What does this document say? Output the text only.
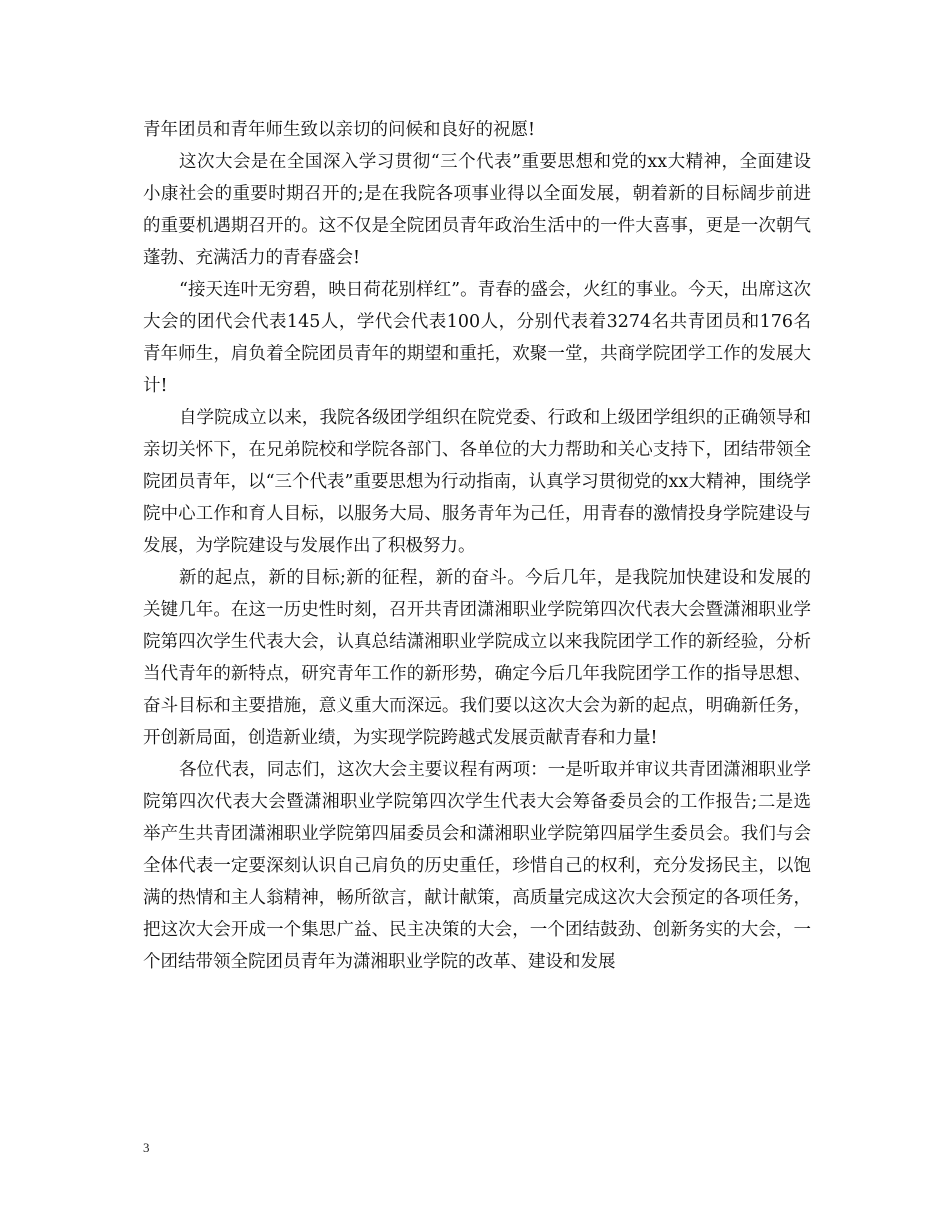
青年团员和青年师生致以亲切的问候和良好的祝愿!

这次大会是在全国深入学习贯彻“三个代表”重要思想和党的xx大精神，全面建设小康社会的重要时期召开的;是在我院各项事业得以全面发展，朝着新的目标阔步前进的重要机遇期召开的。这不仅是全院团员青年政治生活中的一件大喜事，更是一次朝气蓬勃、充满活力的青春盛会!

“接天连叶无穷碧，映日荷花别样红”。青春的盛会，火红的事业。今天，出席这次大会的团代会代表145人，学代会代表100人，分别代表着3274名共青团员和176名青年师生，肩负着全院团员青年的期望和重托，欢聚一堂，共商学院团学工作的发展大计!

自学院成立以来，我院各级团学组织在院党委、行政和上级团学组织的正确领导和亲切关怀下，在兄弟院校和学院各部门、各单位的大力帮助和关心支持下，团结带领全院团员青年，以“三个代表”重要思想为行动指南，认真学习贯彻党的xx大精神，围绕学院中心工作和育人目标，以服务大局、服务青年为己任，用青春的激情投身学院建设与发展，为学院建设与发展作出了积极努力。

新的起点，新的目标;新的征程，新的奋斗。今后几年，是我院加快建设和发展的关键几年。在这一历史性时刻，召开共青团潇湘职业学院第四次代表大会暨潇湘职业学院第四次学生代表大会，认真总结潇湘职业学院成立以来我院团学工作的新经验，分析当代青年的新特点，研究青年工作的新形势，确定今后几年我院团学工作的指导思想、奋斗目标和主要措施，意义重大而深远。我们要以这次大会为新的起点，明确新任务，开创新局面，创造新业绩，为实现学院跨越式发展贡献青春和力量!

各位代表，同志们，这次大会主要议程有两项：一是听取并审议共青团潇湘职业学院第四次代表大会暨潇湘职业学院第四次学生代表大会筹备委员会的工作报告;二是选举产生共青团潇湘职业学院第四届委员会和潇湘职业学院第四届学生委员会。我们与会全体代表一定要深刻认识自己肩负的历史重任，珍惜自己的权利，充分发扬民主，以饱满的热情和主人翁精神，畅所欲言，献计献策，高质量完成这次大会预定的各项任务，把这次大会开成一个集思广益、民主决策的大会，一个团结鼓劲、创新务实的大会，一个团结带领全院团员青年为潇湘职业学院的改革、建设和发展

3
